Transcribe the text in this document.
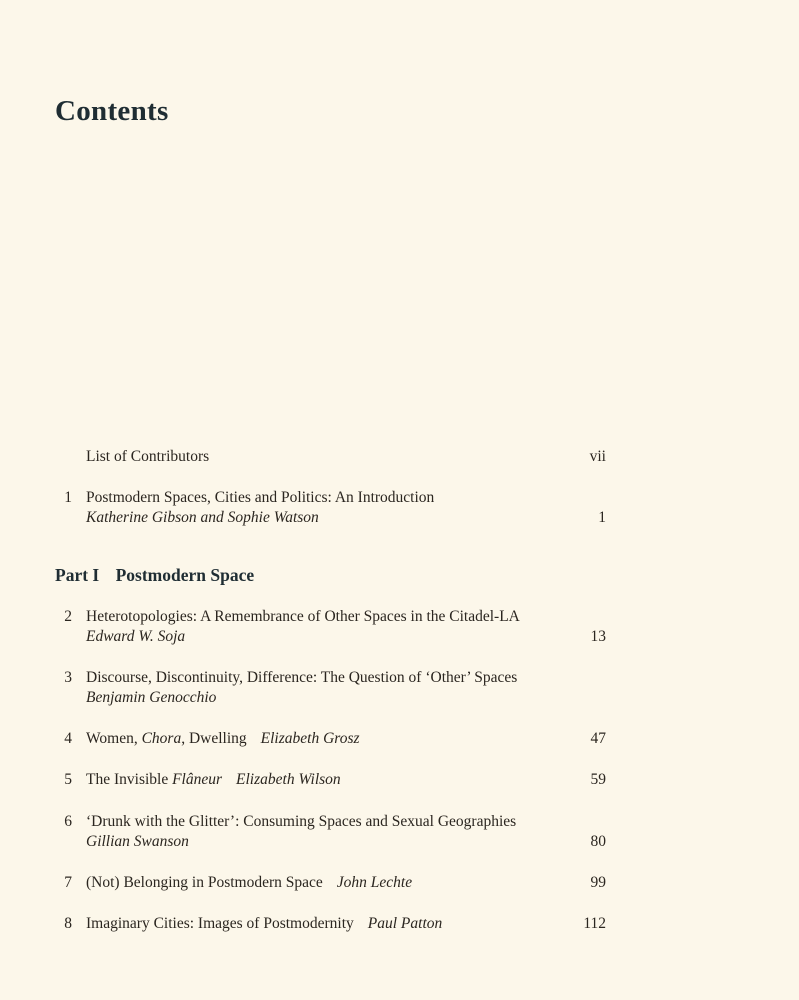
Contents
List of Contributors	vii
1 Postmodern Spaces, Cities and Politics: An Introduction
Katherine Gibson and Sophie Watson	1
Part I Postmodern Space
2 Heterotopologies: A Remembrance of Other Spaces in the Citadel-LA
Edward W. Soja	13
3 Discourse, Discontinuity, Difference: The Question of ‘Other’ Spaces
Benjamin Genocchio
4 Women, Chora, Dwelling Elizabeth Grosz	47
5 The Invisible Flâneur Elizabeth Wilson	59
6 ‘Drunk with the Glitter’: Consuming Spaces and Sexual Geographies
Gillian Swanson	80
7 (Not) Belonging in Postmodern Space John Lechte	99
8 Imaginary Cities: Images of Postmodernity Paul Patton	112
